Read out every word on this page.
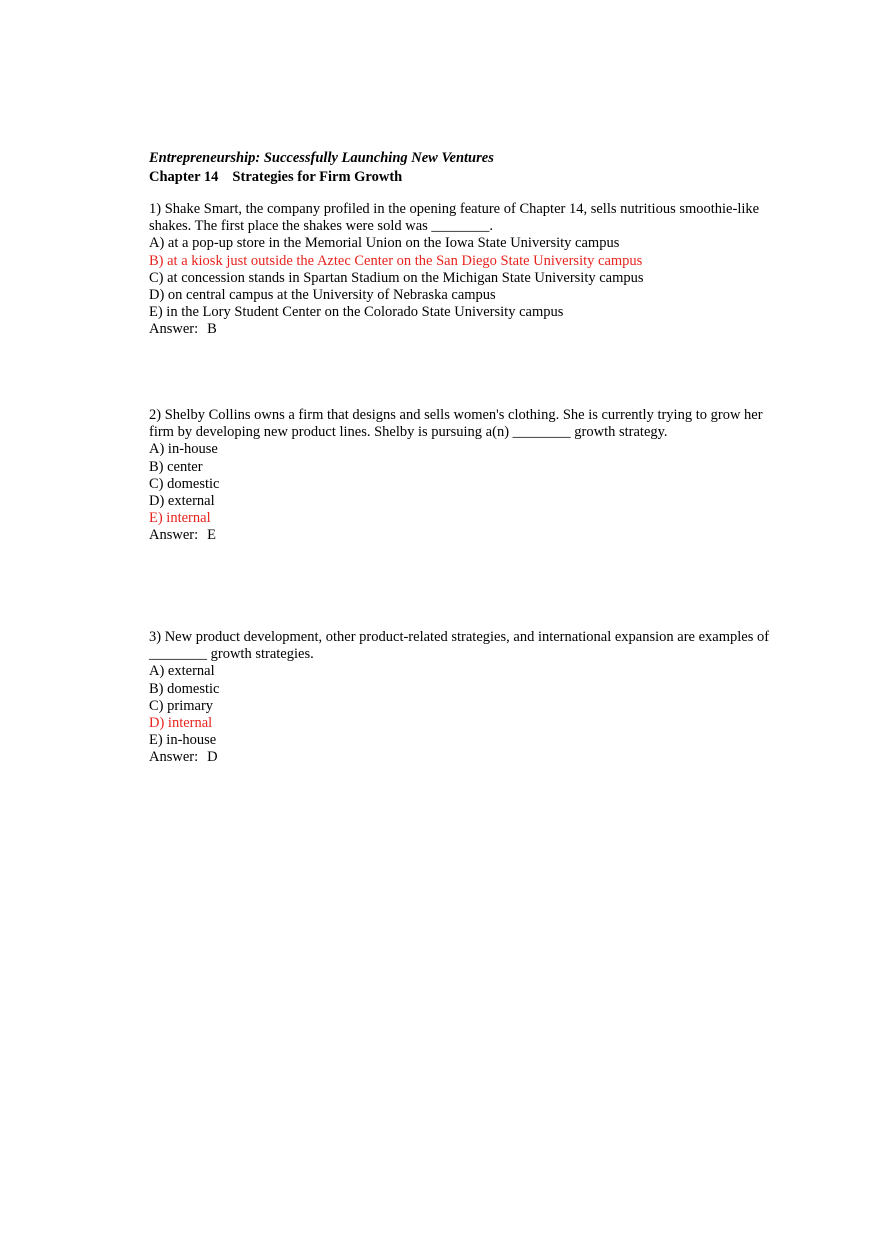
Entrepreneurship: Successfully Launching New Ventures
Chapter 14 Strategies for Firm Growth

1) Shake Smart, the company profiled in the opening feature of Chapter 14, sells nutritious smoothie-like shakes. The first place the shakes were sold was ________.

A) at a pop-up store in the Memorial Union on the Iowa State University campus
B) at a kiosk just outside the Aztec Center on the San Diego State University campus
C) at concession stands in Spartan Stadium on the Michigan State University campus
D) on central campus at the University of Nebraska campus
E) in the Lory Student Center on the Colorado State University campus
Answer: B

2) Shelby Collins owns a firm that designs and sells women's clothing. She is currently trying to grow her firm by developing new product lines. Shelby is pursuing a(n) ________ growth strategy.

A) in-house
B) center
C) domestic
D) external
E) internal
Answer: E

3) New product development, other product-related strategies, and international expansion are examples of ________ growth strategies.

A) external
B) domestic
C) primary
D) internal
E) in-house
Answer: D
